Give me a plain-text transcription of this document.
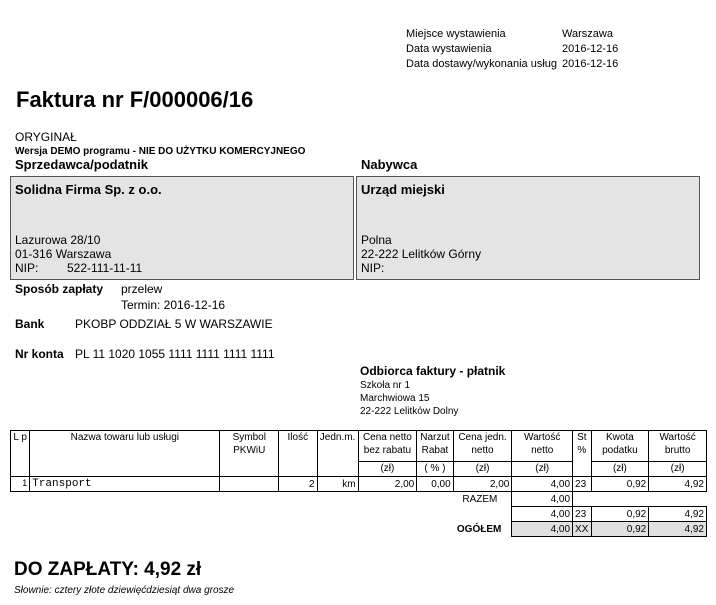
Miejsce wystawienia	Warszawa
Data wystawienia	2016-12-16
Data dostawy/wykonania usług 2016-12-16
Faktura nr F/000006/16
ORYGINAŁ
Wersja DEMO programu - NIE DO UŻYTKU KOMERCYJNEGO
Sprzedawca/podatnik	Nabywca
Solidna Firma Sp. z o.o.
Lazurowa 28/10
01-316 Warszawa
NIP: 522-111-11-11
Urząd miejski
Polna
22-222 Lelitków Górny
NIP:
Sposób zapłaty przelew
Termin: 2016-12-16
Bank	PKOBP ODDZIAŁ 5 W WARSZAWIE
Nr konta PL 11 1020 1055 1111 1111 1111 1111
Odbiorca faktury - płatnik
Szkoła nr 1
Marchwiowa 15
22-222 Lelitków Dolny
L p	Nazwa towaru lub usługi	Symbol PKWiU	Ilość	Jedn.m.	Cena netto bez rabatu	Narzut Rabat	Cena jedn. netto	Wartość netto	St %	Kwota podatku	Wartość brutto
					(zł)	( % )	(zł)	(zł)		(zł)	(zł)
1	Transport		2	km	2,00	0,00	2,00	4,00	23	0,92	4,92
RAZEM								4,00			
								4,00	23	0,92	4,92
OGÓŁEM								4,00	XX	0,92	4,92
DO ZAPŁATY: 4,92 zł
Słownie: cztery złote dziewięćdziesiąt dwa grosze
